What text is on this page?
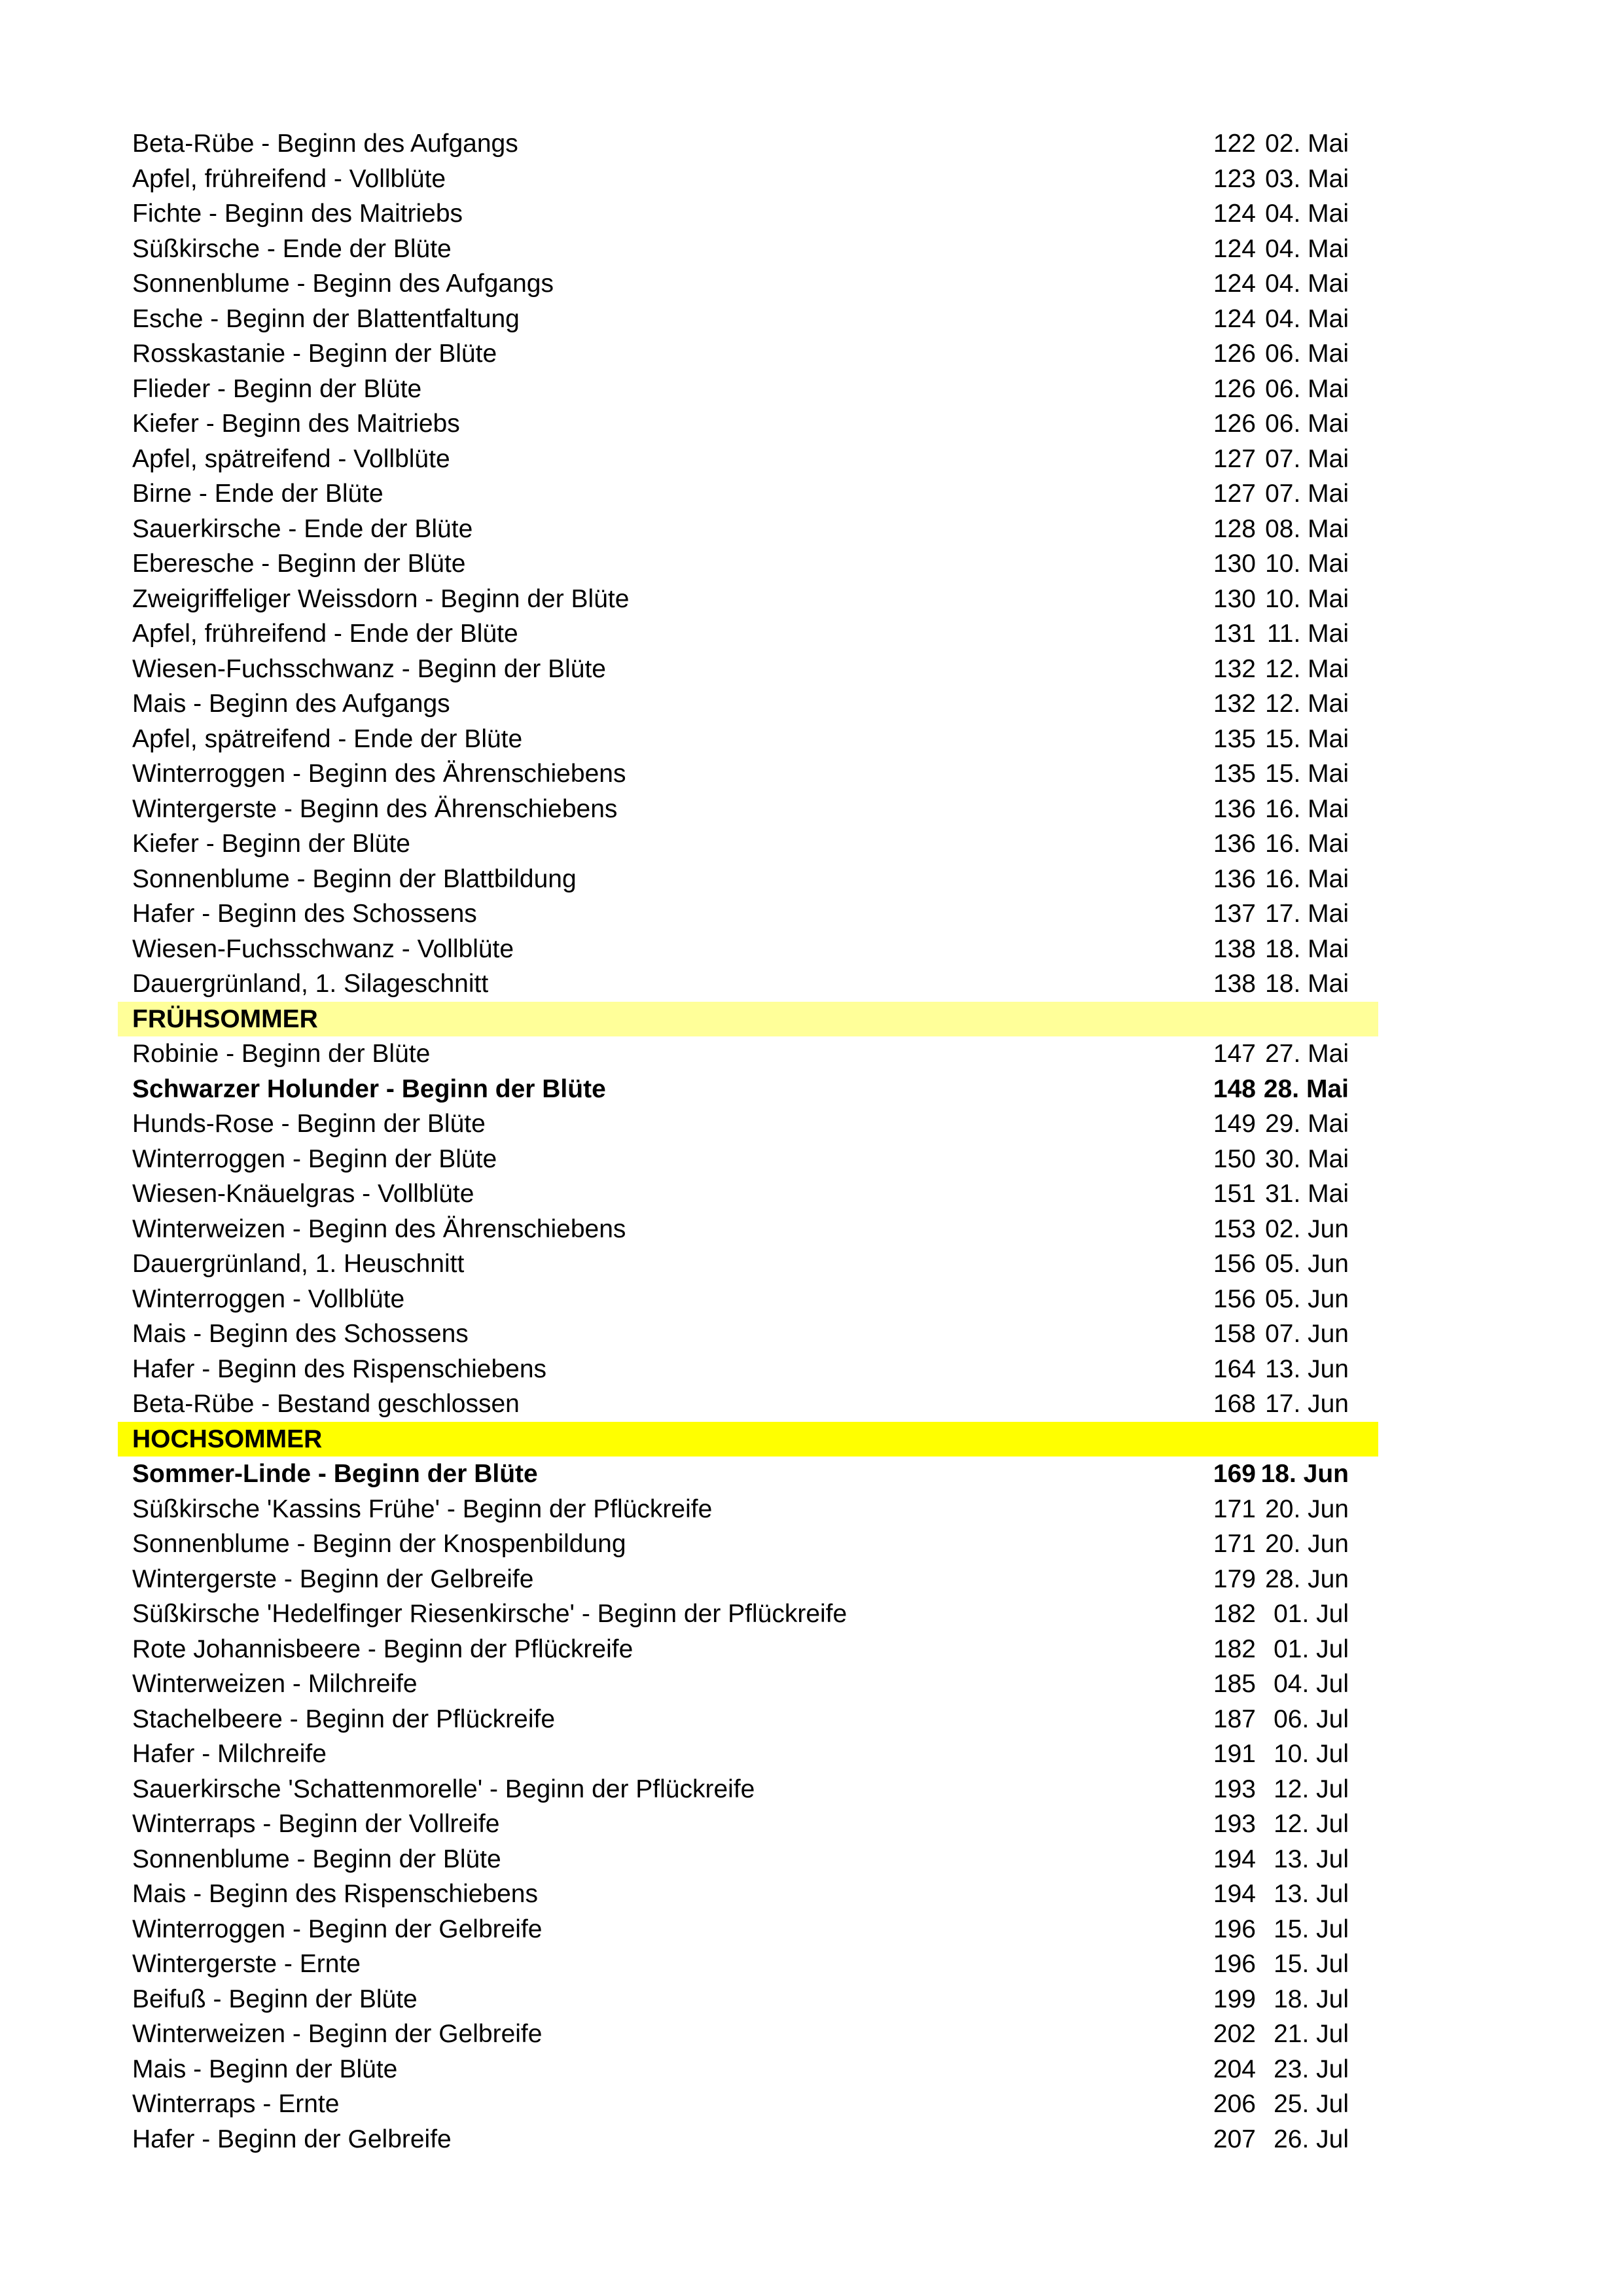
Beta-Rübe - Beginn des Aufgangs	122 02. Mai
Apfel, frühreifend - Vollblüte	123 03. Mai
Fichte - Beginn des Maitriebs	124 04. Mai
Süßkirsche - Ende der Blüte	124 04. Mai
Sonnenblume - Beginn des Aufgangs	124 04. Mai
Esche - Beginn der Blattentfaltung	124 04. Mai
Rosskastanie - Beginn der Blüte	126 06. Mai
Flieder - Beginn der Blüte	126 06. Mai
Kiefer - Beginn des Maitriebs	126 06. Mai
Apfel, spätreifend - Vollblüte	127 07. Mai
Birne - Ende der Blüte	127 07. Mai
Sauerkirsche - Ende der Blüte	128 08. Mai
Eberesche - Beginn der Blüte	130 10. Mai
Zweigriffeliger Weissdorn - Beginn der Blüte	130 10. Mai
Apfel, frühreifend - Ende der Blüte	131 11. Mai
Wiesen-Fuchsschwanz - Beginn der Blüte	132 12. Mai
Mais - Beginn des Aufgangs	132 12. Mai
Apfel, spätreifend - Ende der Blüte	135 15. Mai
Winterroggen - Beginn des Ährenschiebens	135 15. Mai
Wintergerste - Beginn des Ährenschiebens	136 16. Mai
Kiefer - Beginn der Blüte	136 16. Mai
Sonnenblume - Beginn der Blattbildung	136 16. Mai
Hafer - Beginn des Schossens	137 17. Mai
Wiesen-Fuchsschwanz - Vollblüte	138 18. Mai
Dauergrünland, 1. Silageschnitt	138 18. Mai
FRÜHSOMMER
Robinie - Beginn der Blüte	147 27. Mai
Schwarzer Holunder - Beginn der Blüte	148 28. Mai
Hunds-Rose - Beginn der Blüte	149 29. Mai
Winterroggen - Beginn der Blüte	150 30. Mai
Wiesen-Knäuelgras - Vollblüte	151 31. Mai
Winterweizen - Beginn des Ährenschiebens	153 02. Jun
Dauergrünland, 1. Heuschnitt	156 05. Jun
Winterroggen - Vollblüte	156 05. Jun
Mais - Beginn des Schossens	158 07. Jun
Hafer - Beginn des Rispenschiebens	164 13. Jun
Beta-Rübe - Bestand geschlossen	168 17. Jun
HOCHSOMMER
Sommer-Linde - Beginn der Blüte	169 18. Jun
Süßkirsche 'Kassins Frühe' - Beginn der Pflückreife	171 20. Jun
Sonnenblume - Beginn der Knospenbildung	171 20. Jun
Wintergerste - Beginn der Gelbreife	179 28. Jun
Süßkirsche 'Hedelfinger Riesenkirsche' - Beginn der Pflückreife	182 01. Jul
Rote Johannisbeere - Beginn der Pflückreife	182 01. Jul
Winterweizen - Milchreife	185 04. Jul
Stachelbeere - Beginn der Pflückreife	187 06. Jul
Hafer - Milchreife	191 10. Jul
Sauerkirsche 'Schattenmorelle' - Beginn der Pflückreife	193 12. Jul
Winterraps - Beginn der Vollreife	193 12. Jul
Sonnenblume - Beginn der Blüte	194 13. Jul
Mais - Beginn des Rispenschiebens	194 13. Jul
Winterroggen - Beginn der Gelbreife	196 15. Jul
Wintergerste - Ernte	196 15. Jul
Beifuß - Beginn der Blüte	199 18. Jul
Winterweizen - Beginn der Gelbreife	202 21. Jul
Mais - Beginn der Blüte	204 23. Jul
Winterraps - Ernte	206 25. Jul
Hafer - Beginn der Gelbreife	207 26. Jul
